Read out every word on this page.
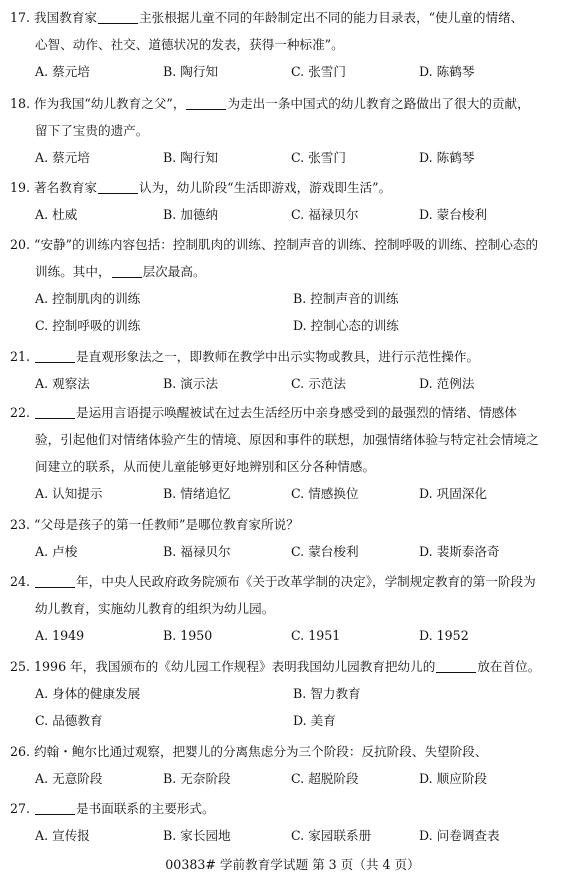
17. 我国教育家	主张根据儿童不同的年龄制定出不同的能力目录表，“使儿童的情绪、
心智、动作、社交、道德状况的发表，获得一种标准”。
A. 蔡元培	B. 陶行知	C. 张雪门	D. 陈鹤琴
18. 作为我国“幼儿教育之父”，	为走出一条中国式的幼儿教育之路做出了很大的贡献，
留下了宝贵的遗产。
A. 蔡元培	B. 陶行知	C. 张雪门	D. 陈鹤琴
19. 著名教育家	认为，幼儿阶段“生活即游戏，游戏即生活”。
A. 杜威	B. 加德纳	C. 福禄贝尔	D. 蒙台梭利
20. “安静”的训练内容包括：控制肌肉的训练、控制声音的训练、控制呼吸的训练、控制心态的
训练。其中，	层次最高。
A. 控制肌肉的训练	B. 控制声音的训练
C. 控制呼吸的训练	D. 控制心态的训练
21.	是直观形象法之一，即教师在教学中出示实物或教具，进行示范性操作。
A. 观察法	B. 演示法	C. 示范法	D. 范例法
22.	是运用言语提示唤醒被试在过去生活经历中亲身感受到的最强烈的情绪、情感体
验，引起他们对情绪体验产生的情境、原因和事件的联想，加强情绪体验与特定社会情境之
间建立的联系，从而使儿童能够更好地辨别和区分各种情感。
A. 认知提示	B. 情绪追忆	C. 情感换位	D. 巩固深化
23. “父母是孩子的第一任教师”是哪位教育家所说？
A. 卢梭	B. 福禄贝尔	C. 蒙台梭利	D. 裴斯泰洛奇
24.	年，中央人民政府政务院颁布《关于改革学制的决定》，学制规定教育的第一阶段为
幼儿教育，实施幼儿教育的组织为幼儿园。
A. 1949	B. 1950	C. 1951	D. 1952
25. 1996 年，我国颁布的《幼儿园工作规程》表明我国幼儿园教育把幼儿的	放在首位。
A. 身体的健康发展	B. 智力教育
C. 品德教育	D. 美育
26. 约翰・鲍尔比通过观察，把婴儿的分离焦虑分为三个阶段：反抗阶段、失望阶段、
A. 无意阶段	B. 无奈阶段	C. 超脱阶段	D. 顺应阶段
27.	是书面联系的主要形式。
A. 宣传报	B. 家长园地	C. 家园联系册	D. 问卷调查表
00383# 学前教育学试题 第 3 页（共 4 页）
